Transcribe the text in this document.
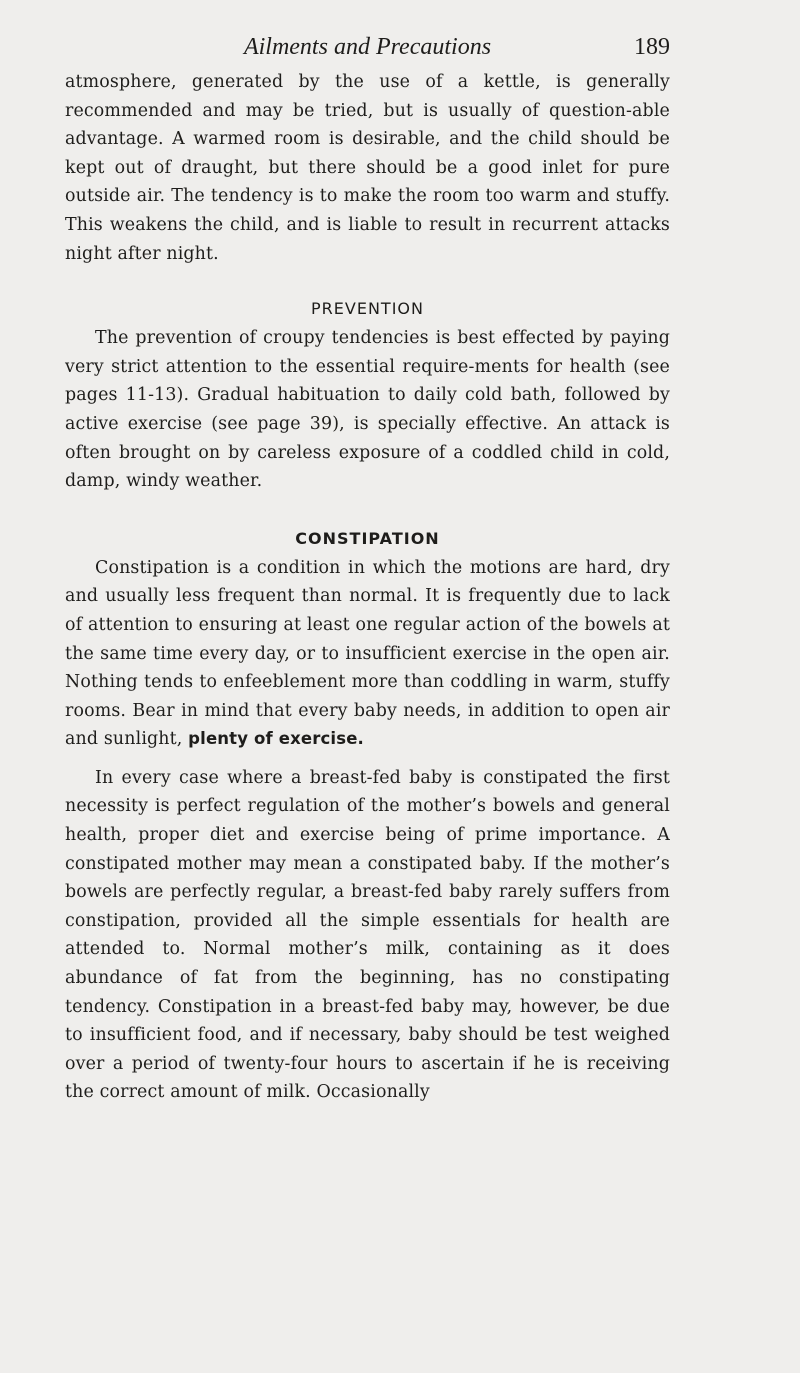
Ailments and Precautions	189

atmosphere, generated by the use of a kettle, is generally recommended and may be tried, but is usually of question-able advantage. A warmed room is desirable, and the child should be kept out of draught, but there should be a good inlet for pure outside air. The tendency is to make the room too warm and stuffy. This weakens the child, and is liable to result in recurrent attacks night after night.

PREVENTION

The prevention of croupy tendencies is best effected by paying very strict attention to the essential require-ments for health (see pages 11-13). Gradual habituation to daily cold bath, followed by active exercise (see page 39), is specially effective. An attack is often brought on by careless exposure of a coddled child in cold, damp, windy weather.

CONSTIPATION

Constipation is a condition in which the motions are hard, dry and usually less frequent than normal. It is frequently due to lack of attention to ensuring at least one regular action of the bowels at the same time every day, or to insufficient exercise in the open air. Nothing tends to enfeeblement more than coddling in warm, stuffy rooms. Bear in mind that every baby needs, in addition to open air and sunlight, plenty of exercise.

In every case where a breast-fed baby is constipated the first necessity is perfect regulation of the mother’s bowels and general health, proper diet and exercise being of prime importance. A constipated mother may mean a constipated baby. If the mother’s bowels are perfectly regular, a breast-fed baby rarely suffers from constipation, provided all the simple essentials for health are attended to. Normal mother’s milk, containing as it does abundance of fat from the beginning, has no constipating tendency. Constipation in a breast-fed baby may, however, be due to insufficient food, and if necessary, baby should be test weighed over a period of twenty-four hours to ascertain if he is receiving the correct amount of milk. Occasionally
